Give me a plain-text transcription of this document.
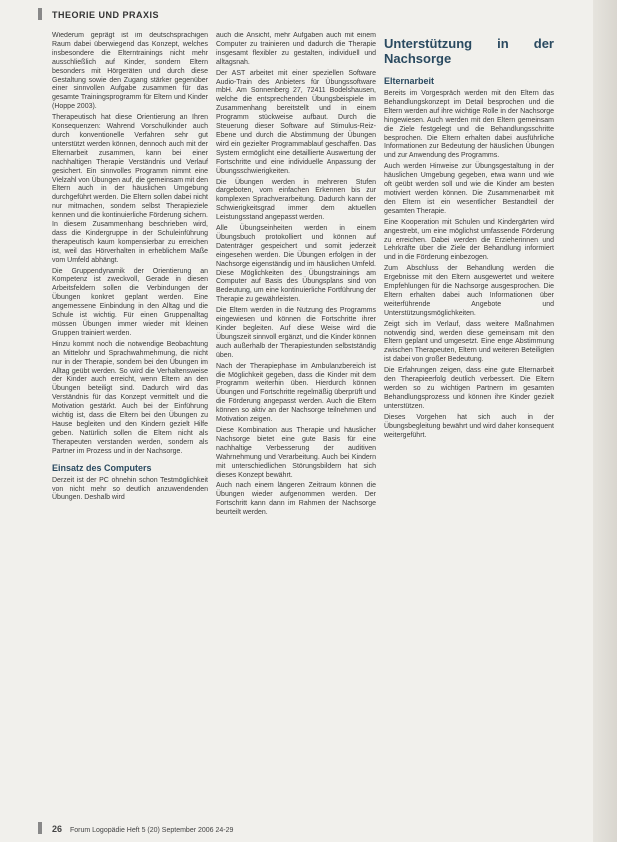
THEORIE UND PRAXIS

Wiederum geprägt ist im deutschsprachigen Raum dabei überwiegend das Konzept, welches insbesondere die Elterntrainings nicht mehr ausschließlich auf Kinder, sondern Eltern besonders mit Hörgeräten und durch diese Gestaltung sowie den Zugang stärker gegenüber einer sinnvollen Aufgabe zusammen für das gesamte Trainingsprogramm für Eltern und Kinder (Hoppe 2003).

Therapeutisch hat diese Orientierung an Ihren Konsequenzen: Wahrend Vorschulkinder auch durch konventionelle Verfahren sehr gut unterstützt werden können, dennoch auch mit der Elternarbeit zusammen, kann bei einer nachhaltigen Therapie Verständnis und Verlauf gesichert. Ein sinnvolles Programm nimmt eine Vielzahl von Übungen auf, die gemeinsam mit den Eltern auch in der häuslichen Umgebung durchgeführt werden. Die Eltern sollen dabei nicht nur mitmachen, sondern selbst Therapieziele kennen und die kontinuierliche Förderung sichern. In diesem Zusammenhang beschrieben wird, dass die Kindergruppe in der Schuleinführung therapeutisch kaum kompensierbar zu erreichen ist, weil das Hörverhalten in erheblichem Maße vom Umfeld abhängt.

Die Gruppendynamik der Orientierung an Kompetenz ist zweckvoll, Gerade in diesen Arbeitsfeldern sollen die Verbindungen der Übungen konkret geplant werden. Eine angemessene Einbindung in den Alltag und die Schule ist wichtig. Für einen Gruppenalltag müssen Übungen immer wieder mit kleinen Gruppen trainiert werden.

Hinzu kommt noch die notwendige Beobachtung an Mittelohr und Sprachwahrnehmung, die nicht nur in der Therapie, sondern bei den Übungen im Alltag geübt werden. So wird die Verhaltensweise der Kinder auch erreicht, wenn Eltern an den Übungen beteiligt sind. Dadurch wird das Verständnis für das Konzept vermittelt und die Motivation gestärkt. Auch bei der Einführung wichtig ist, dass die Eltern bei den Übungen zu Hause begleiten und den Kindern gezielt Hilfe geben. Natürlich sollen die Eltern nicht als Therapeuten verstanden werden, sondern als Partner im Prozess und in der Nachsorge.

Einsatz des Computers

Derzeit ist der PC ohnehin schon Testmöglichkeit von nicht mehr so deutlich anzuwendenden Übungen. Deshalb wird

auch die Ansicht, mehr Aufgaben auch mit einem Computer zu trainieren und dadurch die Therapie insgesamt flexibler zu gestalten, individuell und alltagsnah.

Der AST arbeitet mit einer speziellen Software Audio-Train des Anbieters für Übungssoftware mbH. Am Sonnenberg 27, 72411 Bodelshausen, welche die entsprechenden Übungsbeispiele im Zusammenhang bereitstellt und in einem Programm stückweise aufbaut. Durch die Steuerung dieser Software auf Stimulus-Reiz-Ebene und durch die Abstimmung der Übungen wird ein gezielter Programmablauf geschaffen. Das System ermöglicht eine detaillierte Auswertung der Fortschritte und eine individuelle Anpassung der Übungsschwierigkeiten.

Die Übungen werden in mehreren Stufen dargeboten, vom einfachen Erkennen bis zur komplexen Sprachverarbeitung. Dadurch kann der Schwierigkeitsgrad immer dem aktuellen Leistungsstand angepasst werden.

Alle Übungseinheiten werden in einem Übungsbuch protokolliert und können auf Datenträger gespeichert und somit jederzeit eingesehen werden. Die Übungen erfolgen in der Nachsorge eigenständig und im häuslichen Umfeld. Diese Möglichkeiten des Übungstrainings am Computer auf Basis des Übungsplans sind von Bedeutung, um eine kontinuierliche Fortführung der Therapie zu gewährleisten.

Die Eltern werden in die Nutzung des Programms eingewiesen und können die Fortschritte ihrer Kinder begleiten. Auf diese Weise wird die Übungszeit sinnvoll ergänzt, und die Kinder können auch außerhalb der Therapiestunden selbstständig üben.

Nach der Therapiephase im Ambulanzbereich ist die Möglichkeit gegeben, dass die Kinder mit dem Programm weiterhin üben. Hierdurch können Übungen und Fortschritte regelmäßig überprüft und die Förderung angepasst werden. Auch die Eltern können so aktiv an der Nachsorge teilnehmen und Motivation zeigen.

Diese Kombination aus Therapie und häuslicher Nachsorge bietet eine gute Basis für eine nachhaltige Verbesserung der auditiven Wahrnehmung und Verarbeitung. Auch bei Kindern mit unterschiedlichen Störungsbildern hat sich dieses Konzept bewährt.

Auch nach einem längeren Zeitraum können die Übungen wieder aufgenommen werden. Der Fortschritt kann dann im Rahmen der Nachsorge beurteilt werden.

Unterstützung in der Nachsorge
Elternarbeit

Bereits im Vorgespräch werden mit den Eltern das Behandlungskonzept im Detail besprochen und die Eltern werden auf ihre wichtige Rolle in der Nachsorge hingewiesen. Auch werden mit den Eltern gemeinsam die Ziele festgelegt und die Behandlungsschritte besprochen. Die Eltern erhalten dabei ausführliche Informationen zur Bedeutung der häuslichen Übungen und zur Anwendung des Programms.

Auch werden Hinweise zur Übungsgestaltung in der häuslichen Umgebung gegeben, etwa wann und wie oft geübt werden soll und wie die Kinder am besten motiviert werden können. Die Zusammenarbeit mit den Eltern ist ein wesentlicher Bestandteil der gesamten Therapie.

Eine Kooperation mit Schulen und Kindergärten wird angestrebt, um eine möglichst umfassende Förderung zu erreichen. Dabei werden die Erzieherinnen und Lehrkräfte über die Ziele der Behandlung informiert und in die Förderung einbezogen.

Zum Abschluss der Behandlung werden die Ergebnisse mit den Eltern ausgewertet und weitere Empfehlungen für die Nachsorge ausgesprochen. Die Eltern erhalten dabei auch Informationen über weiterführende Angebote und Unterstützungsmöglichkeiten.

Zeigt sich im Verlauf, dass weitere Maßnahmen notwendig sind, werden diese gemeinsam mit den Eltern geplant und umgesetzt. Eine enge Abstimmung zwischen Therapeuten, Eltern und weiteren Beteiligten ist dabei von großer Bedeutung.

Die Erfahrungen zeigen, dass eine gute Elternarbeit den Therapieerfolg deutlich verbessert. Die Eltern werden so zu wichtigen Partnern im gesamten Behandlungsprozess und können ihre Kinder gezielt unterstützen.

Dieses Vorgehen hat sich auch in der Übungsbegleitung bewährt und wird daher konsequent weitergeführt.

26 Forum Logopädie Heft 5 (20) September 2006 24-29
